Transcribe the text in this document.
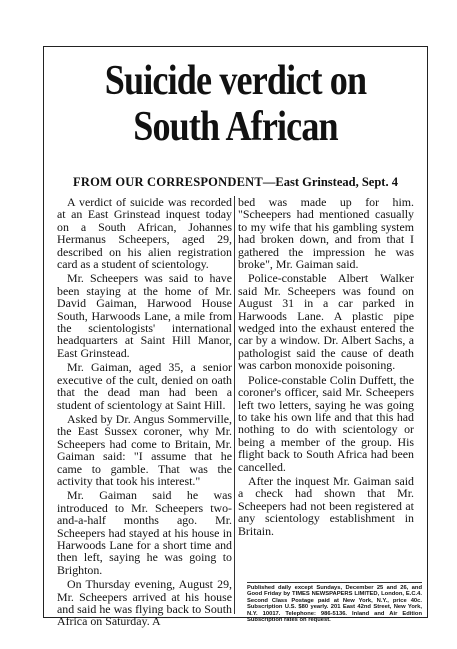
Suicide verdict on South African
FROM OUR CORRESPONDENT—East Grinstead, Sept. 4

A verdict of suicide was recorded at an East Grinstead inquest today on a South African, Johannes Hermanus Scheepers, aged 29, described on his alien registration card as a student of scientology.

Mr. Scheepers was said to have been staying at the home of Mr. David Gaiman, Harwood House South, Harwoods Lane, a mile from the scientologists' international headquarters at Saint Hill Manor, East Grinstead.

Mr. Gaiman, aged 35, a senior executive of the cult, denied on oath that the dead man had been a student of scientology at Saint Hill.

Asked by Dr. Angus Sommerville, the East Sussex coroner, why Mr. Scheepers had come to Britain, Mr. Gaiman said: "I assume that he came to gamble. That was the activity that took his interest."

Mr. Gaiman said he was introduced to Mr. Scheepers two-and-a-half months ago. Mr. Scheepers had stayed at his house in Harwoods Lane for a short time and then left, saying he was going to Brighton.

On Thursday evening, August 29, Mr. Scheepers arrived at his house and said he was flying back to South Africa on Saturday. A

bed was made up for him. "Scheepers had mentioned casually to my wife that his gambling system had broken down, and from that I gathered the impression he was broke", Mr. Gaiman said.

Police-constable Albert Walker said Mr. Scheepers was found on August 31 in a car parked in Harwoods Lane. A plastic pipe wedged into the exhaust entered the car by a window. Dr. Albert Sachs, a pathologist said the cause of death was carbon monoxide poisoning.

Police-constable Colin Duffett, the coroner's officer, said Mr. Scheepers left two letters, saying he was going to take his own life and that this had nothing to do with scientology or being a member of the group. His flight back to South Africa had been cancelled.

After the inquest Mr. Gaiman said a check had shown that Mr. Scheepers had not been registered at any scientology establishment in Britain.

Published daily except Sundays, December 25 and 26, and Good Friday by TIMES NEWSPAPERS LIMITED, London, E.C.4. Second Class Postage paid at New York, N.Y., price 40c. Subscription U.S. $80 yearly. 201 East 42nd Street, New York, N.Y. 10017. Telephone: 986-5136. Inland and Air Edition Subscription rates on request.
